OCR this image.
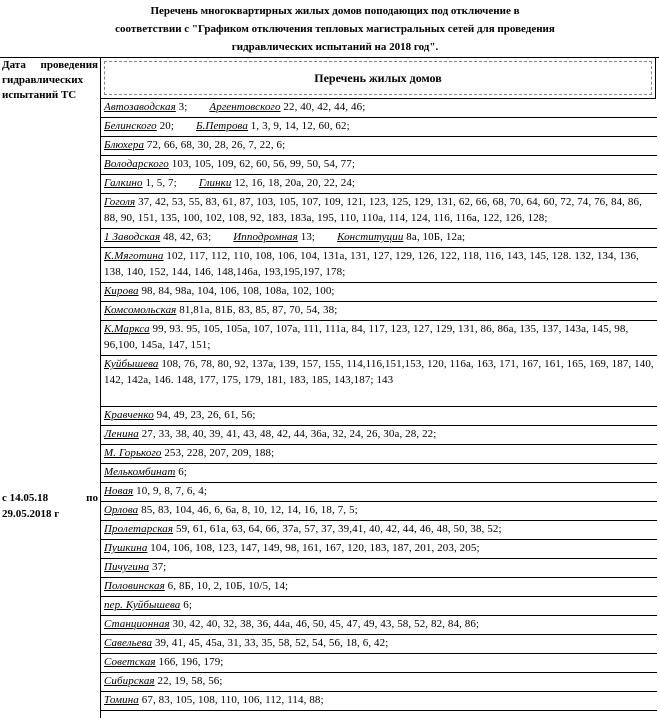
Перечень многоквартирных жилых домов поподающих под отключение в
соответствии с "Графиком отключения тепловых магистральных сетей для проведения
гидравлических испытаний на 2018 год".
Дата проведения
гидравлических
испытаний ТС
с 14.05.18	по
29.05.2018 г
Перечень жилых домов
Автозаводская 3; Аргентовского 22, 40, 42, 44, 46;
Белинского 20; Б.Петрова 1, 3, 9, 14, 12, 60, 62;
Блюхера 72, 66, 68, 30, 28, 26, 7, 22, 6;
Володарского 103, 105, 109, 62, 60, 56, 99, 50, 54, 77;
Галкино 1, 5, 7; Глинки 12, 16, 18, 20а, 20, 22, 24;
Гоголя 37, 42, 53, 55, 83, 61, 87, 103, 105, 107, 109, 121, 123, 125, 129, 131, 62, 66, 68, 70, 64, 60, 72, 74, 76, 84, 86, 88, 90, 151, 135, 100, 102, 108, 92, 183, 183а, 195, 110, 110а, 114, 124, 116, 116а, 122, 126, 128;
1 Заводская 48, 42, 63; Ипподромная 13; Конституции 8а, 10Б, 12а;
К.Мяготина 102, 117, 112, 110, 108, 106, 104, 131а, 131, 127, 129, 126, 122, 118, 116, 143, 145, 128. 132, 134, 136, 138, 140, 152, 144, 146, 148,146а, 193,195,197, 178;
Кирова 98, 84, 98а, 104, 106, 108, 108а, 102, 100;
Комсомольская 81,81а, 81Б, 83, 85, 87, 70, 54, 38;
К.Маркса 99, 93. 95, 105, 105а, 107, 107а, 111, 111а, 84, 117, 123, 127, 129, 131, 86, 86а, 135, 137, 143а, 145, 98, 96,100, 145а, 147, 151;
Куйбышева 108, 76, 78, 80, 92, 137а, 139, 157, 155, 114,116,151,153, 120, 116а, 163, 171, 167, 161, 165, 169, 187, 140, 142, 142а, 146. 148, 177, 175, 179, 181, 183, 185, 143,187; 143
Кравченко 94, 49, 23, 26, 61, 56;
Ленина 27, 33, 38, 40, 39, 41, 43, 48, 42, 44, 36а, 32, 24, 26, 30а, 28, 22;
М. Горького 253, 228, 207, 209, 188;
Мелькомбинат 6;
Новая 10, 9, 8, 7, 6, 4;
Орлова 85, 83, 104, 46, 6, 6а, 8, 10, 12, 14, 16, 18, 7, 5;
Пролетарская 59, 61, 61а, 63, 64, 66, 37а, 57, 37, 39,41, 40, 42, 44, 46, 48, 50, 38, 52;
Пушкина 104, 106, 108, 123, 147, 149, 98, 161, 167, 120, 183, 187, 201, 203, 205;
Пичугина 37;
Половинская 6, 8Б, 10, 2, 10Б, 10/5, 14;
пер. Куйбышева 6;
Станционная 30, 42, 40, 32, 38, 36, 44а, 46, 50, 45, 47, 49, 43, 58, 52, 82, 84, 86;
Савельева 39, 41, 45, 45а, 31, 33, 35, 58, 52, 54, 56, 18, 6, 42;
Советская 166, 196, 179;
Сибирская 22, 19, 58, 56;
Томина 67, 83, 105, 108, 110, 106, 112, 114, 88;
